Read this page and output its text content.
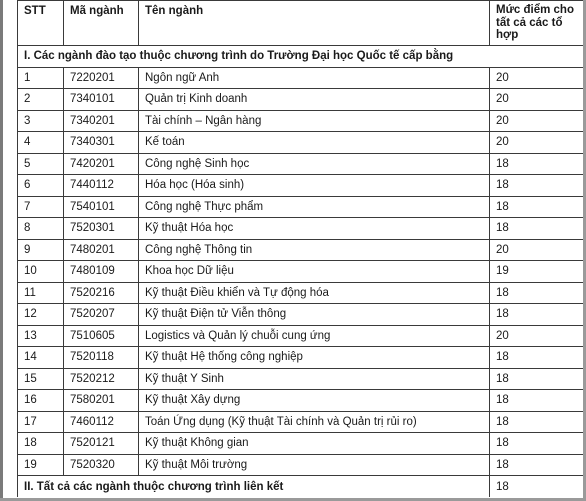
STT	Mã ngành	Tên ngành	Mức điểm cho tất cả các tổ hợp
I. Các ngành đào tạo thuộc chương trình do Trường Đại học Quốc tế cấp bằng			
1	7220201	Ngôn ngữ Anh	20
2	7340101	Quản trị Kinh doanh	20
3	7340201	Tài chính – Ngân hàng	20
4	7340301	Kế toán	20
5	7420201	Công nghệ Sinh học	18
6	7440112	Hóa học (Hóa sinh)	18
7	7540101	Công nghệ Thực phẩm	18
8	7520301	Kỹ thuật Hóa học	18
9	7480201	Công nghệ Thông tin	20
10	7480109	Khoa học Dữ liệu	19
11	7520216	Kỹ thuật Điều khiển và Tự động hóa	18
12	7520207	Kỹ thuật Điện tử Viễn thông	18
13	7510605	Logistics và Quản lý chuỗi cung ứng	20
14	7520118	Kỹ thuật Hệ thống công nghiệp	18
15	7520212	Kỹ thuật Y Sinh	18
16	7580201	Kỹ thuật Xây dựng	18
17	7460112	Toán Ứng dụng (Kỹ thuật Tài chính và Quản trị rủi ro)	18
18	7520121	Kỹ thuật Không gian	18
19	7520320	Kỹ thuật Môi trường	18
II. Tất cả các ngành thuộc chương trình liên kết			18
